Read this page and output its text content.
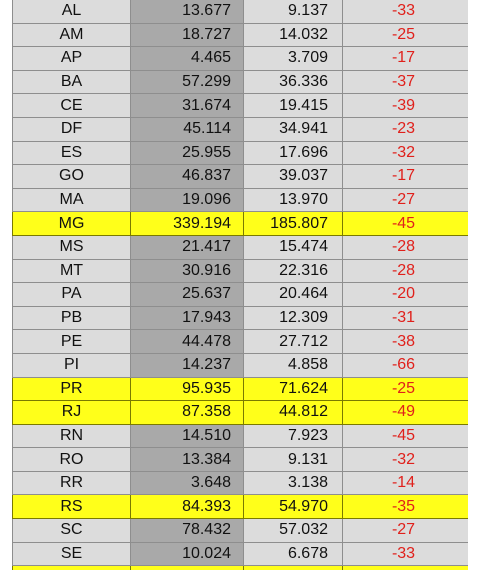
AL	13.677	9.137	-33
AM	18.727	14.032	-25
AP	4.465	3.709	-17
BA	57.299	36.336	-37
CE	31.674	19.415	-39
DF	45.114	34.941	-23
ES	25.955	17.696	-32
GO	46.837	39.037	-17
MA	19.096	13.970	-27
MG	339.194	185.807	-45
MS	21.417	15.474	-28
MT	30.916	22.316	-28
PA	25.637	20.464	-20
PB	17.943	12.309	-31
PE	44.478	27.712	-38
PI	14.237	4.858	-66
PR	95.935	71.624	-25
RJ	87.358	44.812	-49
RN	14.510	7.923	-45
RO	13.384	9.131	-32
RR	3.648	3.138	-14
RS	84.393	54.970	-35
SC	78.432	57.032	-27
SE	10.024	6.678	-33
